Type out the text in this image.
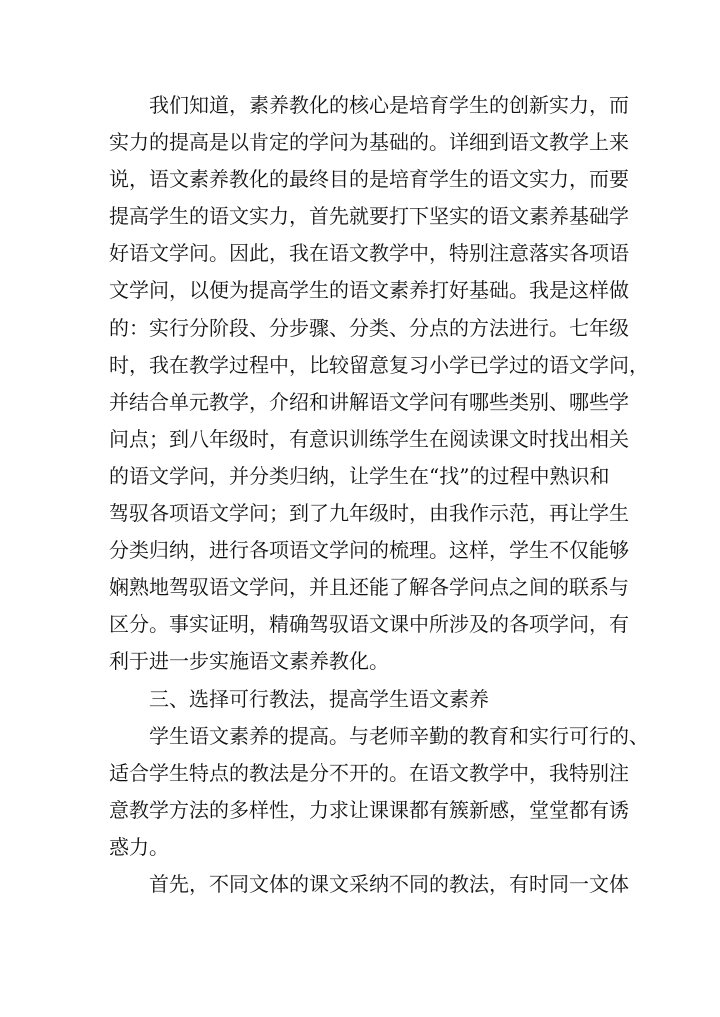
我们知道，素养教化的核心是培育学生的创新实力，而
实力的提高是以肯定的学问为基础的。详细到语文教学上来
说，语文素养教化的最终目的是培育学生的语文实力，而要
提高学生的语文实力，首先就要打下坚实的语文素养基础学
好语文学问。因此，我在语文教学中，特别注意落实各项语
文学问，以便为提高学生的语文素养打好基础。我是这样做
的：实行分阶段、分步骤、分类、分点的方法进行。七年级
时，我在教学过程中，比较留意复习小学已学过的语文学问，
并结合单元教学，介绍和讲解语文学问有哪些类别、哪些学
问点；到八年级时，有意识训练学生在阅读课文时找出相关
的语文学问，并分类归纳，让学生在“找”的过程中熟识和
驾驭各项语文学问；到了九年级时，由我作示范，再让学生
分类归纳，进行各项语文学问的梳理。这样，学生不仅能够
娴熟地驾驭语文学问，并且还能了解各学问点之间的联系与
区分。事实证明，精确驾驭语文课中所涉及的各项学问，有
利于进一步实施语文素养教化。
三、选择可行教法，提高学生语文素养
学生语文素养的提高。与老师辛勤的教育和实行可行的、
适合学生特点的教法是分不开的。在语文教学中，我特别注
意教学方法的多样性，力求让课课都有簇新感，堂堂都有诱
惑力。
首先，不同文体的课文采纳不同的教法，有时同一文体
